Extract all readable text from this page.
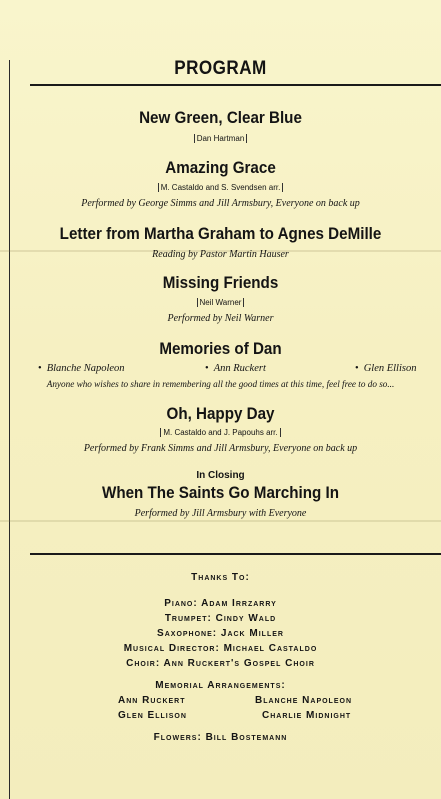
PROGRAM
New Green, Clear Blue
Dan Hartman
Amazing Grace
M. Castaldo and S. Svendsen arr.
Performed by George Simms and Jill Armsbury, Everyone on back up
Letter from Martha Graham to Agnes DeMille
Reading by Pastor Martin Hauser
Missing Friends
Neil Warner
Performed by Neil Warner
Memories of Dan
• Blanche Napoleon	• Ann Ruckert	• Glen Ellison
Anyone who wishes to share in remembering all the good times at this time, feel free to do so...
Oh, Happy Day
M. Castaldo and J. Papouhs arr.
Performed by Frank Simms and Jill Armsbury, Everyone on back up
In Closing
When The Saints Go Marching In
Performed by Jill Armsbury with Everyone
Thanks To:
Piano: Adam Irrzarry
Trumpet: Cindy Wald
Saxophone: Jack Miller
Musical Director: Michael Castaldo
Choir: Ann Ruckert's Gospel Choir
Memorial Arrangements:
Ann Ruckert
Glen Ellison
Blanche Napoleon
Charlie Midnight
Flowers: Bill Bostemann
